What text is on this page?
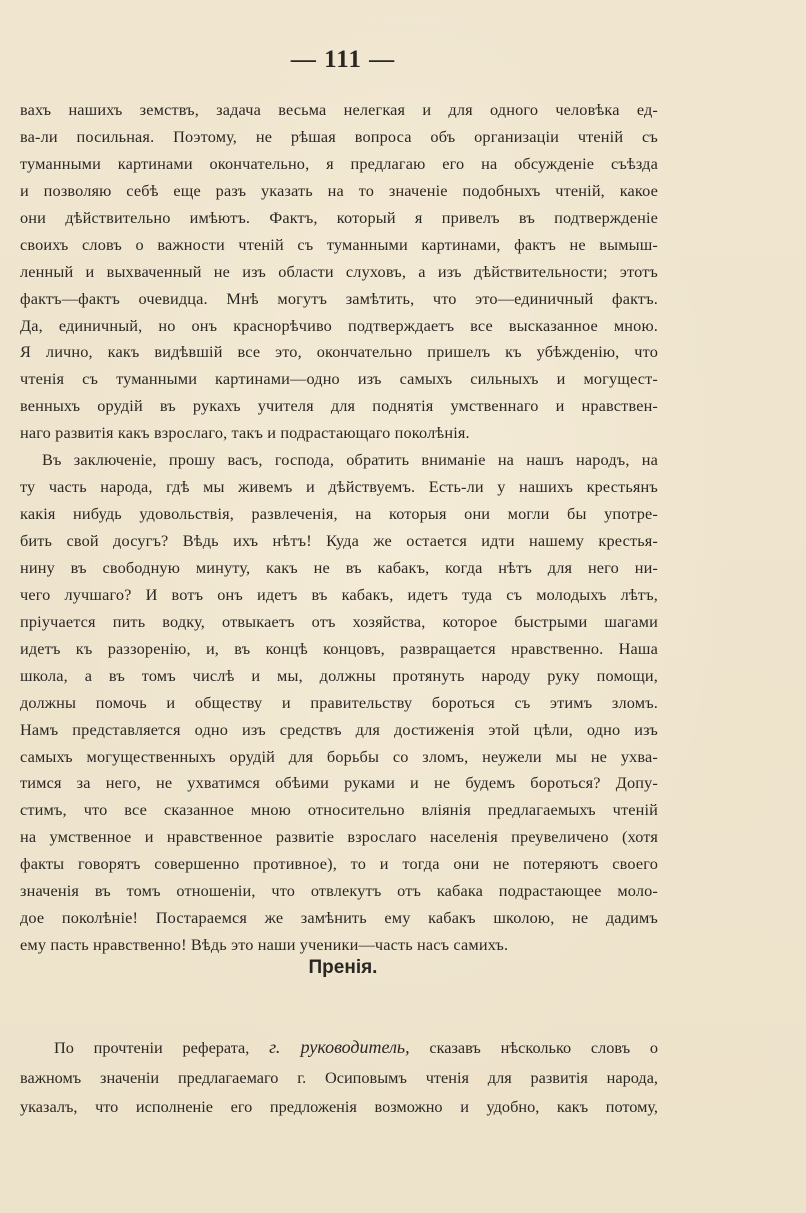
— 111 —
вахъ нашихъ земствъ, задача весьма нелегкая и для одного человѣка ед-
ва-ли посильная. Поэтому, не рѣшая вопроса объ организацiи чтенiй съ
туманными картинами окончательно, я предлагаю его на обсужденiе съѣзда
и позволяю себѣ еще разъ указать на то значенiе подобныхъ чтенiй, какое
они дѣйствительно имѣютъ. Фактъ, который я привелъ въ подтвержденiе
своихъ словъ о важности чтенiй съ туманными картинами, фактъ не вымыш-
ленный и выхваченный не изъ области слуховъ, а изъ дѣйствительности; этотъ
фактъ—фактъ очевидца. Мнѣ могутъ замѣтить, что это—единичный фактъ.
Да, единичный, но онъ краснорѣчиво подтверждаетъ все высказанное мною.
Я лично, какъ видѣвшiй все это, окончательно пришелъ къ убѣжденiю, что
чтенiя съ туманными картинами—одно изъ самыхъ сильныхъ и могущест-
венныхъ орудiй въ рукахъ учителя для поднятiя умственнаго и нравствен-
наго развитiя какъ взрослаго, такъ и подрастающаго поколѣнiя.
Въ заключенiе, прошу васъ, господа, обратить вниманiе на нашъ народъ, на
ту часть народа, гдѣ мы живемъ и дѣйствуемъ. Есть-ли у нашихъ крестьянъ
какiя нибудь удовольствiя, развлеченiя, на которыя они могли бы употре-
бить свой досугъ? Вѣдь ихъ нѣтъ! Куда же остается идти нашему крестья-
нину въ свободную минуту, какъ не въ кабакъ, когда нѣтъ для него ни-
чего лучшаго? И вотъ онъ идетъ въ кабакъ, идетъ туда съ молодыхъ лѣтъ,
прiучается пить водку, отвыкаетъ отъ хозяйства, которое быстрыми шагами
идетъ къ раззоренiю, и, въ концѣ концовъ, развращается нравственно. Наша
школа, а въ томъ числѣ и мы, должны протянуть народу руку помощи,
должны помочь и обществу и правительству бороться съ этимъ зломъ.
Намъ представляется одно изъ средствъ для достиженiя этой цѣли, одно изъ
самыхъ могущественныхъ орудiй для борьбы со зломъ, неужели мы не ухва-
тимся за него, не ухватимся обѣими руками и не будемъ бороться? Допу-
стимъ, что все сказанное мною относительно влiянiя предлагаемыхъ чтенiй
на умственное и нравственное развитiе взрослаго населенiя преувеличено (хотя
факты говорятъ совершенно противное), то и тогда они не потеряютъ своего
значенiя въ томъ отношенiи, что отвлекутъ отъ кабака подрастающее моло-
дое поколѣнiе! Постараемся же замѣнить ему кабакъ школою, не дадимъ
ему пасть нравственно! Вѣдь это наши ученики—часть насъ самихъ.
Пренiя.
По прочтенiи реферата, г. руководитель, сказавъ нѣсколько словъ о
важномъ значенiи предлагаемаго г. Осиповымъ чтенiя для развитiя народа,
указалъ, что исполненiе его предложенiя возможно и удобно, какъ потому,
